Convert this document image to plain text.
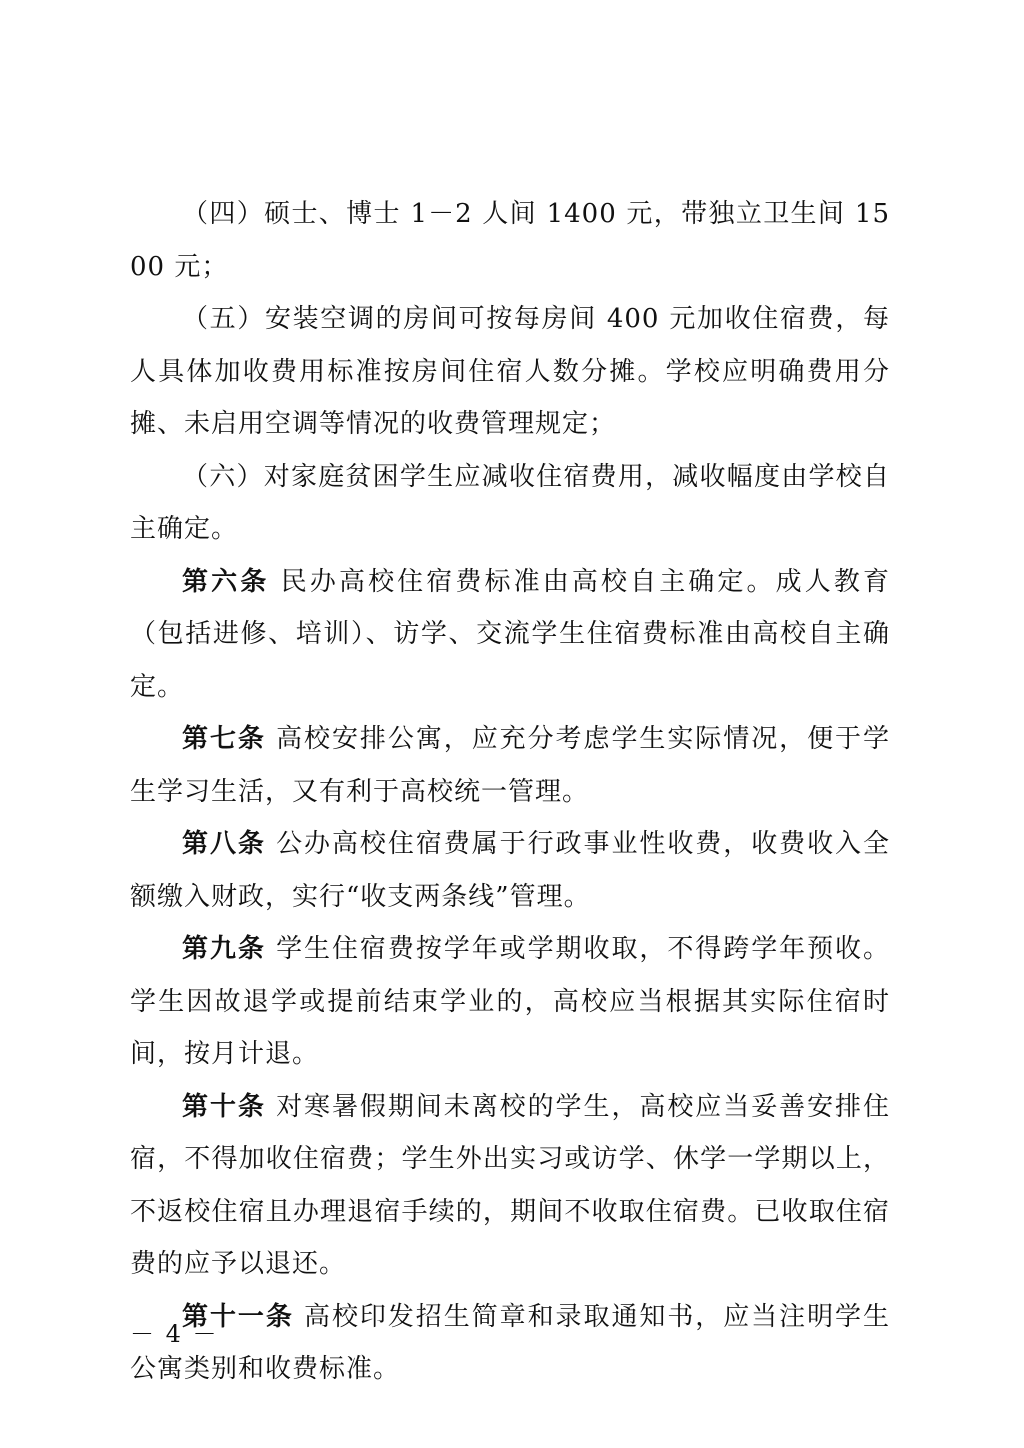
（四）硕士、博士 1－2 人间 1400 元，带独立卫生间 1500 元；

（五）安装空调的房间可按每房间 400 元加收住宿费，每人具体加收费用标准按房间住宿人数分摊。学校应明确费用分摊、未启用空调等情况的收费管理规定；

（六）对家庭贫困学生应减收住宿费用，减收幅度由学校自主确定。

第六条 民办高校住宿费标准由高校自主确定。成人教育（包括进修、培训）、访学、交流学生住宿费标准由高校自主确定。

第七条 高校安排公寓，应充分考虑学生实际情况，便于学生学习生活，又有利于高校统一管理。

第八条 公办高校住宿费属于行政事业性收费，收费收入全额缴入财政，实行“收支两条线”管理。

第九条 学生住宿费按学年或学期收取，不得跨学年预收。学生因故退学或提前结束学业的，高校应当根据其实际住宿时间，按月计退。

第十条 对寒暑假期间未离校的学生，高校应当妥善安排住宿，不得加收住宿费；学生外出实习或访学、休学一学期以上，不返校住宿且办理退宿手续的，期间不收取住宿费。已收取住宿费的应予以退还。

第十一条 高校印发招生简章和录取通知书，应当注明学生公寓类别和收费标准。

－ 4 －
